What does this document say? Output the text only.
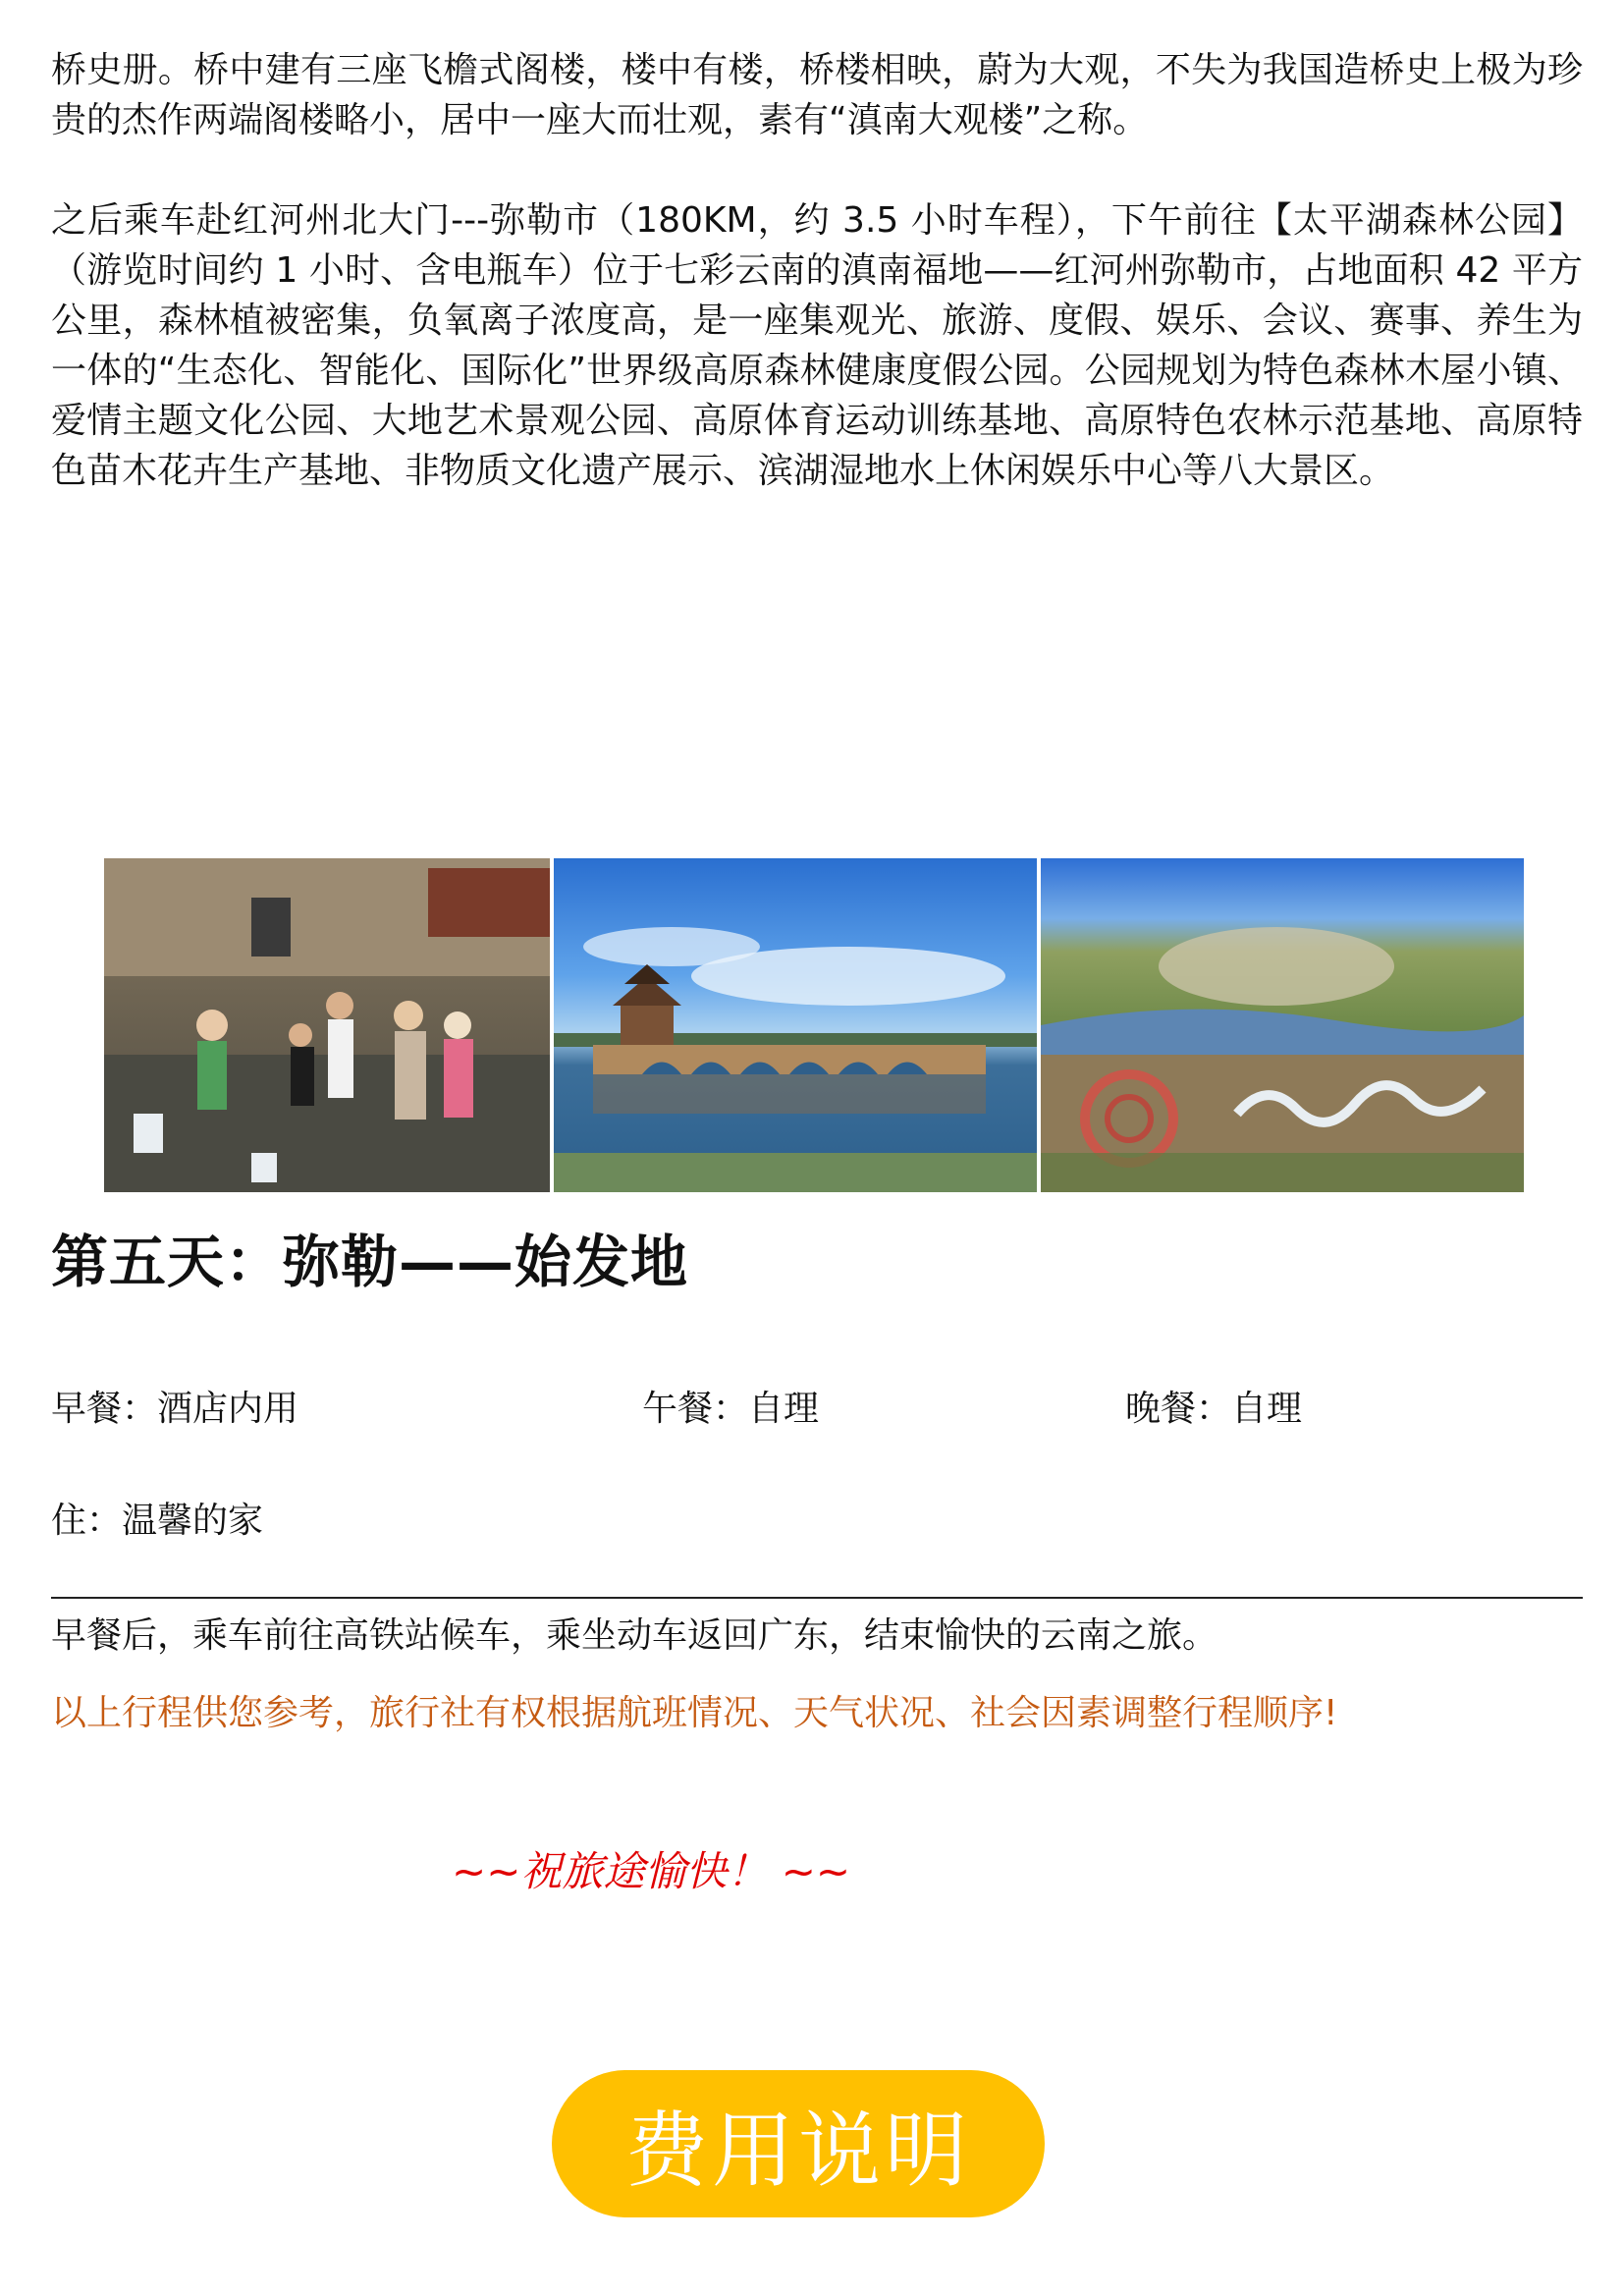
桥史册。桥中建有三座飞檐式阁楼，楼中有楼，桥楼相映，蔚为大观，不失为我国造桥史上极为珍贵的杰作两端阁楼略小，居中一座大而壮观，素有“滇南大观楼”之称。

之后乘车赴红河州北大门---弥勒市（180KM，约 3.5 小时车程），下午前往【太平湖森林公园】（游览时间约 1 小时、含电瓶车）位于七彩云南的滇南福地——红河州弥勒市，占地面积 42 平方公里，森林植被密集，负氧离子浓度高，是一座集观光、旅游、度假、娱乐、会议、赛事、养生为一体的“生态化、智能化、国际化”世界级高原森林健康度假公园。公园规划为特色森林木屋小镇、爱情主题文化公园、大地艺术景观公园、高原体育运动训练基地、高原特色农林示范基地、高原特色苗木花卉生产基地、非物质文化遗产展示、滨湖湿地水上休闲娱乐中心等八大景区。

第五天：弥勒——始发地
早餐：酒店内用	午餐：自理	晚餐：自理
住：温馨的家

早餐后，乘车前往高铁站候车，乘坐动车返回广东，结束愉快的云南之旅。

以上行程供您参考，旅行社有权根据航班情况、天气状况、社会因素调整行程顺序!

~~祝旅途愉快！ ~~
费用说明
